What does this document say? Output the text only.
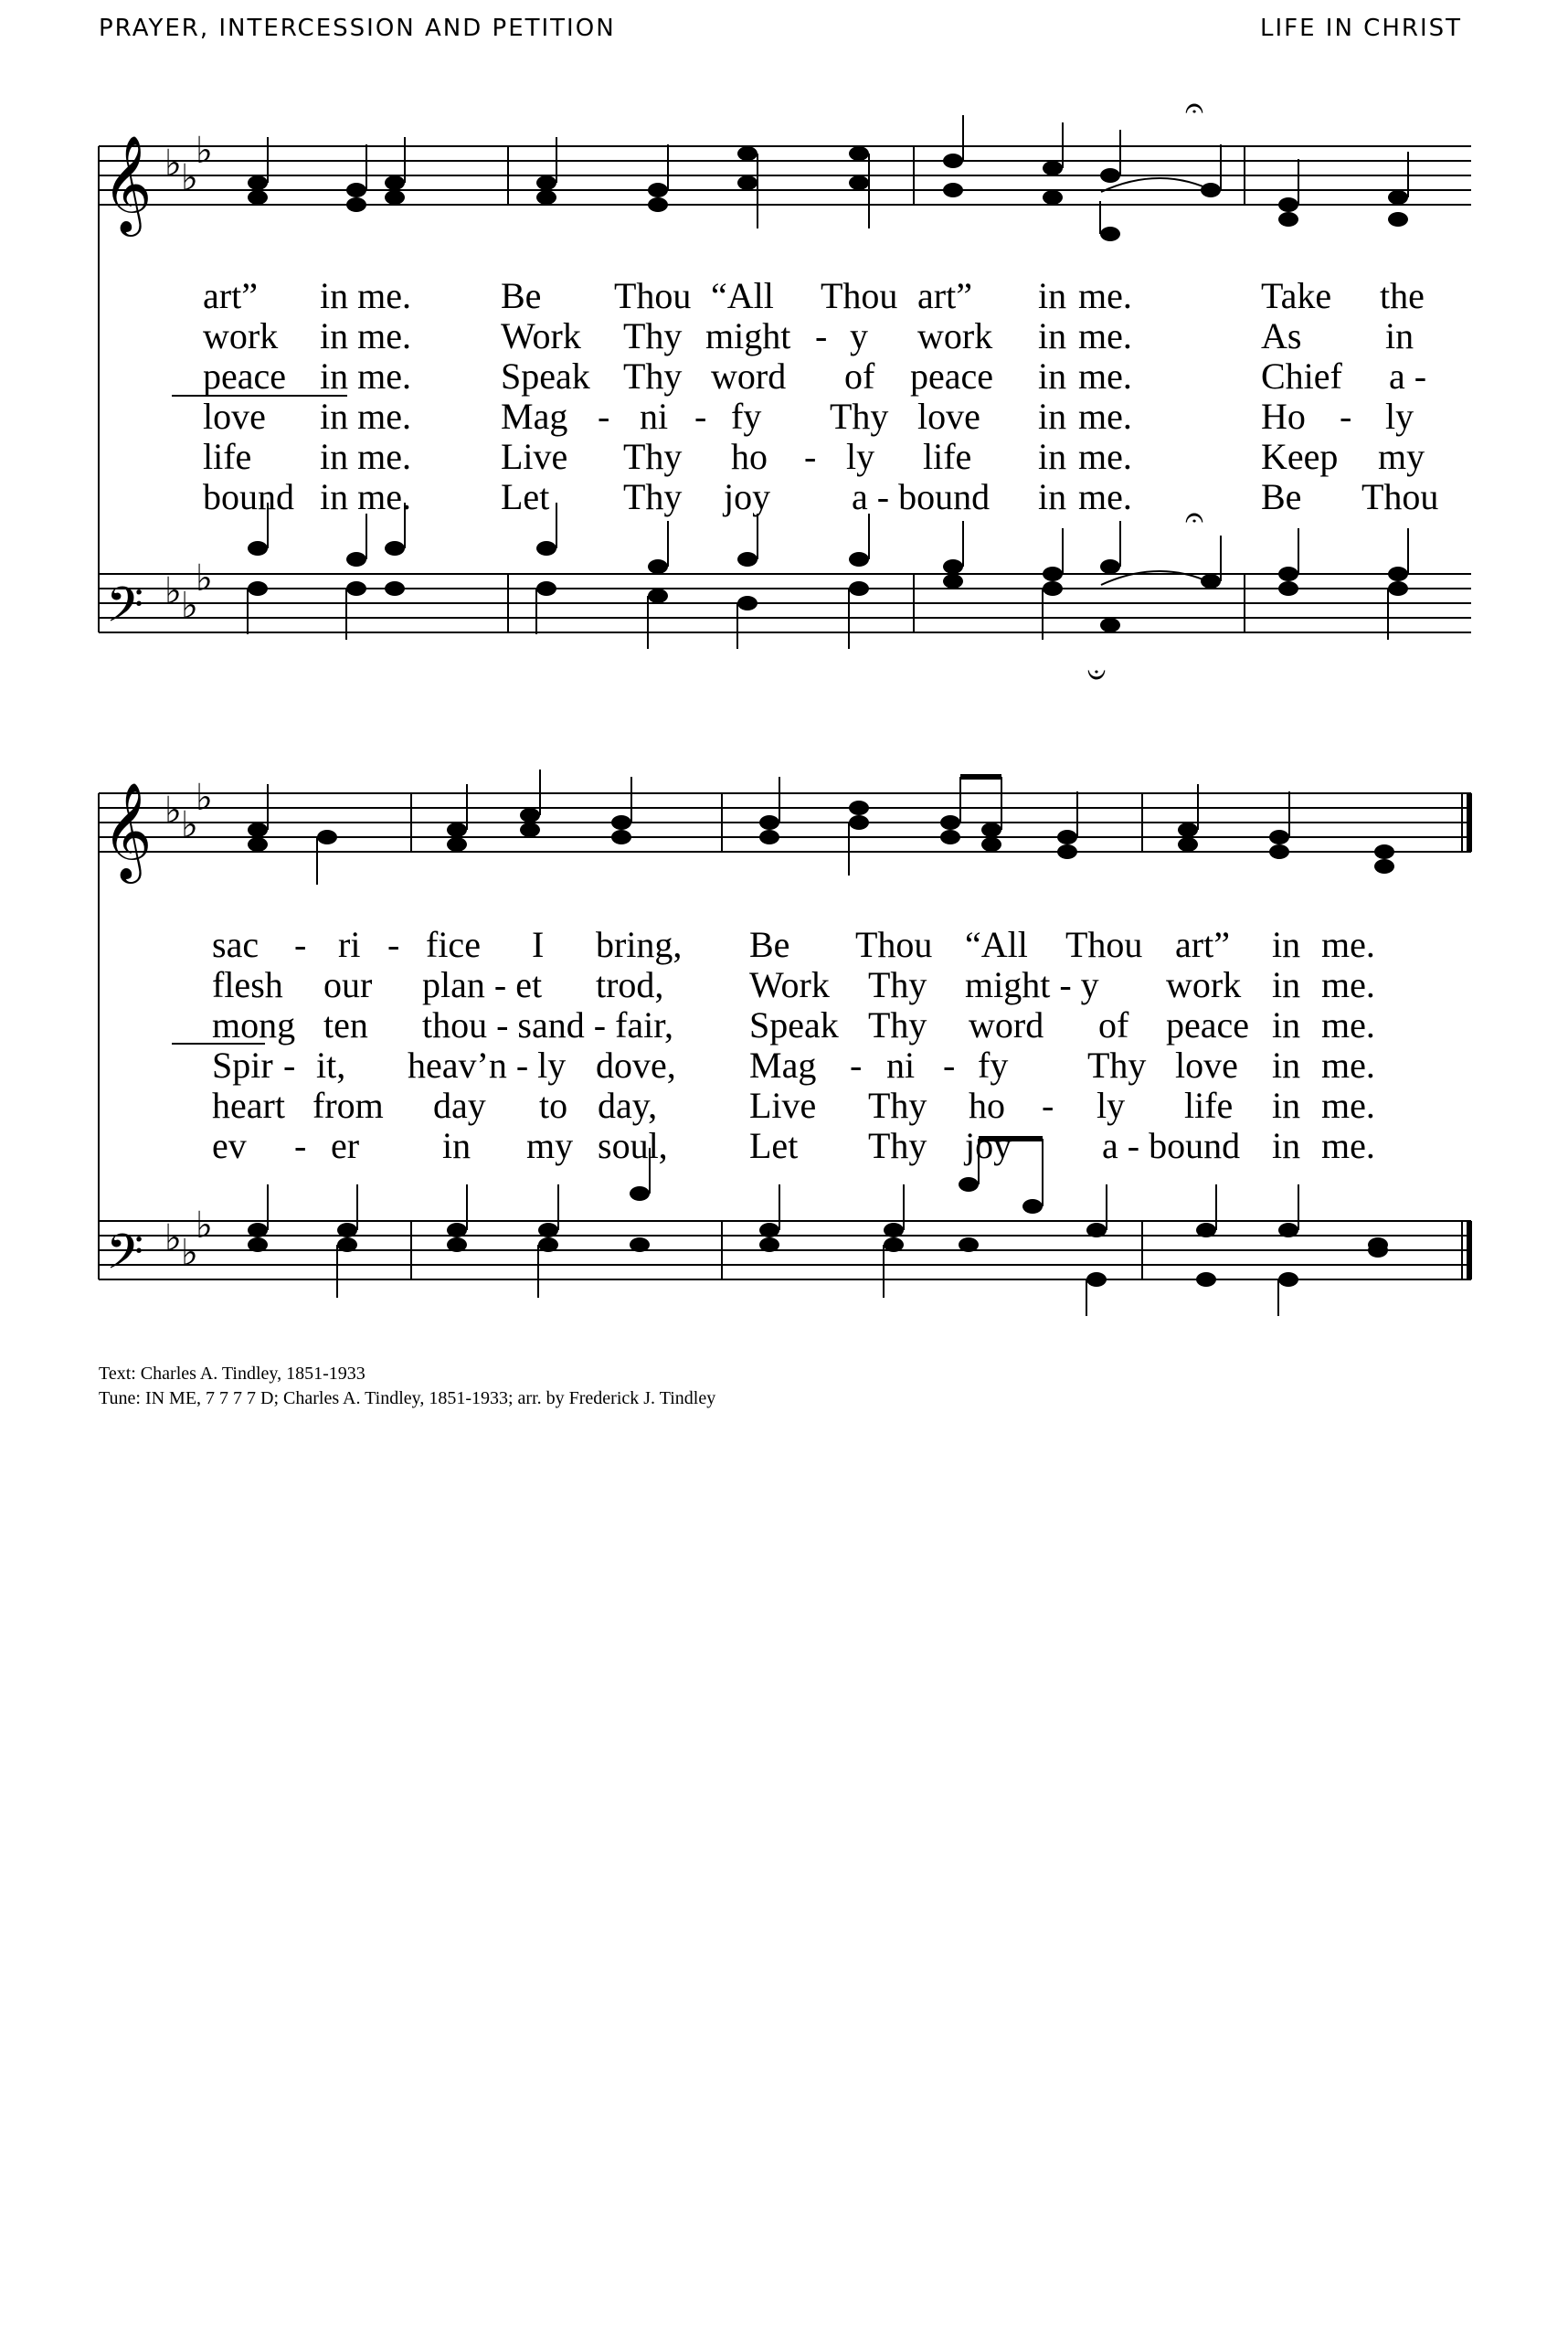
PRAYER, INTERCESSION AND PETITION	LIFE IN CHRIST
𝄞
𝄢
♭ ♭
♭
♭ ♭
♭
𝄐
𝄑
𝄐
art” in me. Be Thou “All Thou art” in me.	Take the
work in me. Work Thy might - y work in me.	As in
peace in me. Speak Thy word of peace in me.	Chief a -
love in me. Mag - ni - fy Thy love in me.	Ho - ly
life in me. Live Thy ho - ly life in me.	Keep my
bound in me. Let Thy joy a - bound in me.	Be Thou
𝄞
𝄢
♭ ♭
♭
♭ ♭
♭
sac - ri - fice I bring, Be Thou “All Thou art” in me.
flesh our plan - et trod, Work Thy might - y work in me.
mong ten thou - sand - fair, Speak Thy word of peace in me.
Spir - it, heav’n - ly dove, Mag - ni - fy Thy love in me.
heart from day to day,	Live Thy ho - ly life in me.
ev - er in my soul, Let Thy joy a - bound in me.
Text: Charles A. Tindley, 1851-1933
Tune: IN ME, 7 7 7 7 D; Charles A. Tindley, 1851-1933; arr. by Frederick J. Tindley
